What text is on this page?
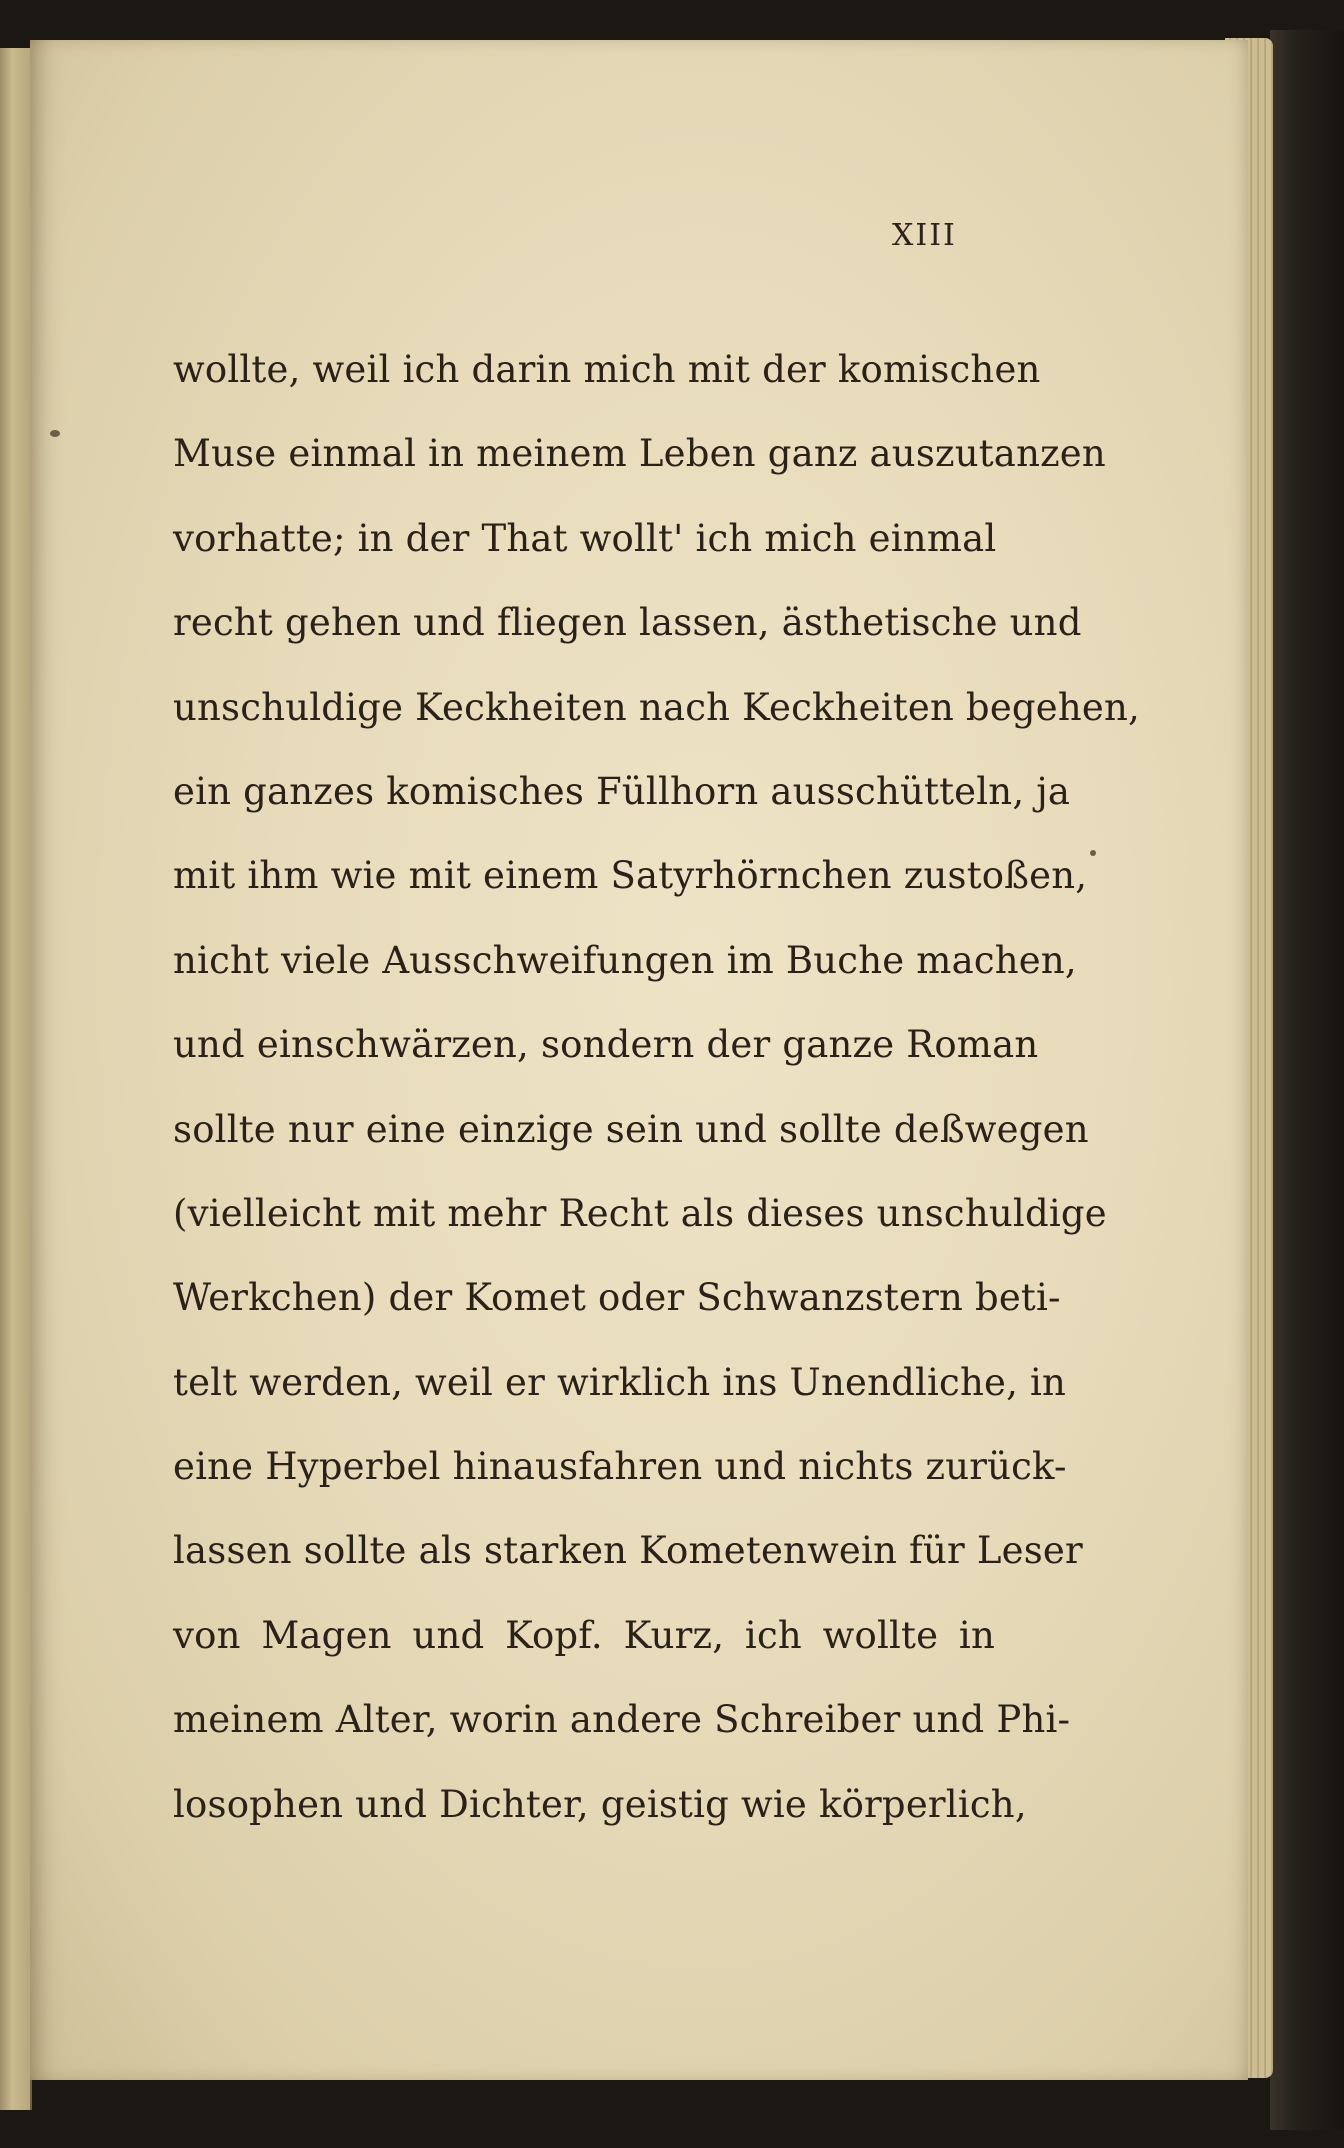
XIII
wollte, weil ich darin mich mit der komischen
Muse einmal in meinem Leben ganz auszutanzen
vorhatte; in der That wollt' ich mich einmal
recht gehen und fliegen lassen, ästhetische und
unschuldige Keckheiten nach Keckheiten begehen,
ein ganzes komisches Füllhorn ausschütteln, ja
mit ihm wie mit einem Satyrhörnchen zustoßen,
nicht viele Ausschweifungen im Buche machen,
und einschwärzen, sondern der ganze Roman
sollte nur eine einzige sein und sollte deßwegen
(vielleicht mit mehr Recht als dieses unschuldige
Werkchen) der Komet oder Schwanzstern beti-
telt werden, weil er wirklich ins Unendliche, in
eine Hyperbel hinausfahren und nichts zurück-
lassen sollte als starken Kometenwein für Leser
von Magen und Kopf. Kurz, ich wollte in
meinem Alter, worin andere Schreiber und Phi-
losophen und Dichter, geistig wie körperlich,
